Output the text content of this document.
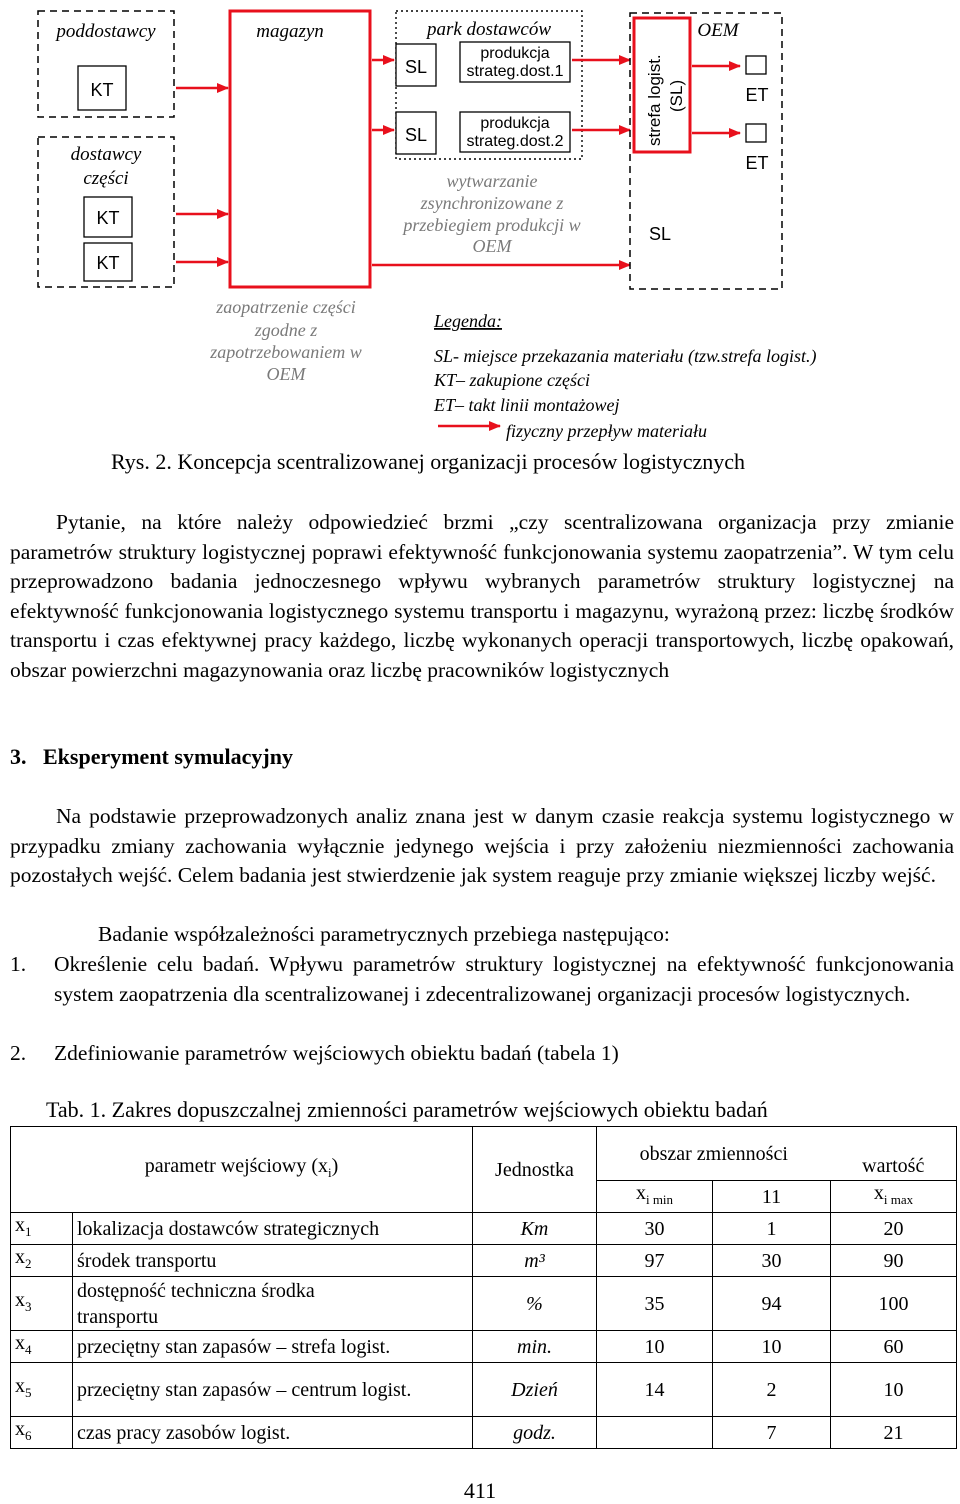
poddostawcy
KT
dostawcy
części
KT
KT
magazyn	park dostawców
SL
SL
produkcja
strateg.dost.1
produkcja
strateg.dost.2
wytwarzanie
zsynchronizowane z
przebiegiem produkcji w
OEM
OEM
strefa logist. (SL)
SL
ET
ET
zaopatrzenie części
zgodne z
zapotrzebowaniem w
OEM
Legenda:
SL- miejsce przekazania materiału (tzw.strefa logist.)
KT– zakupione części
ET– takt linii montażowej
fizyczny przepływ materiału
Rys. 2. Koncepcja scentralizowanej organizacji procesów logistycznych
Pytanie, na które należy odpowiedzieć brzmi „czy scentralizowana organizacja przy zmianie parametrów struktury logistycznej poprawi efektywność funkcjonowania systemu zaopatrzenia”. W tym celu przeprowadzono badania jednoczesnego wpływu wybranych parametrów struktury logistycznej na efektywność funkcjonowania logistycznego systemu transportu i magazynu, wyrażoną przez: liczbę środków transportu i czas efektywnej pracy każdego, liczbę wykonanych operacji transportowych, liczbę opakowań, obszar powierzchni magazynowania oraz liczbę pracowników logistycznych
3.   Eksperyment symulacyjny
Na podstawie przeprowadzonych analiz znana jest w danym czasie reakcja systemu logistycznego w przypadku zmiany zachowania wyłącznie jedynego wejścia i przy założeniu niezmienności zachowania pozostałych wejść. Celem badania jest stwierdzenie jak system reaguje przy zmianie większej liczby wejść.
Badanie współzależności parametrycznych przebiega następująco:
1. Określenie celu badań. Wpływu parametrów struktury logistycznej na efektywność funkcjonowania system zaopatrzenia dla scentralizowanej i zdecentralizowanej organizacji procesów logistycznych.
2. Zdefiniowanie parametrów wejściowych obiektu badań (tabela 1)
Tab. 1. Zakres dopuszczalnej zmienności parametrów wejściowych obiektu badań
parametr wejściowy $(x_i)$		Jednostka	obszar zmienności		wartość
			$x_{i min}$	11	$x_{i max}$
$x_1$	lokalizacja dostawców strategicznych	Km	30	1	20
$x_2$	środek transportu	m³	97	30	90
$x_3$	dostępność techniczna środka transportu	%	35	94	100
$x_4$	przeciętny stan zapasów – strefa logist.	min.	10	10	60
$x_5$	przeciętny stan zapasów – centrum logist.	Dzień	14	2	10
$x_6$	czas pracy zasobów logist.	godz.		7	21
411
